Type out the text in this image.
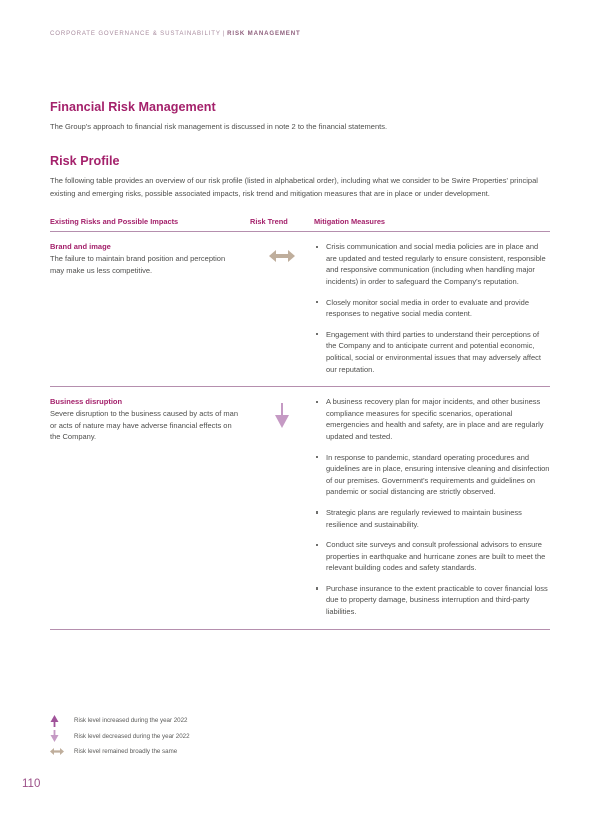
CORPORATE GOVERNANCE & SUSTAINABILITY | RISK MANAGEMENT
Financial Risk Management

The Group's approach to financial risk management is discussed in note 2 to the financial statements.

Risk Profile

The following table provides an overview of our risk profile (listed in alphabetical order), including what we consider to be Swire Properties' principal existing and emerging risks, possible associated impacts, risk trend and mitigation measures that are in place or under development.

Existing Risks and Possible Impacts	Risk Trend	Mitigation Measures

Brand and image

The failure to maintain brand position and perception may make us less competitive.

Crisis communication and social media policies are in place and are updated and tested regularly to ensure consistent, responsible and responsive communication (including when handling major incidents) in order to safeguard the Company's reputation.
Closely monitor social media in order to evaluate and provide responses to negative social media content.
Engagement with third parties to understand their perceptions of the Company and to anticipate current and potential economic, political, social or environmental issues that may adversely affect our reputation.

Business disruption

Severe disruption to the business caused by acts of man or acts of nature may have adverse financial effects on the Company.

A business recovery plan for major incidents, and other business compliance measures for specific scenarios, operational emergencies and health and safety, are in place and are regularly updated and tested.
In response to pandemic, standard operating procedures and guidelines are in place, ensuring intensive cleaning and disinfection of our premises. Government's requirements and guidelines on pandemic or social distancing are strictly observed.
Strategic plans are regularly reviewed to maintain business resilience and sustainability.
Conduct site surveys and consult professional advisors to ensure properties in earthquake and hurricane zones are built to meet the relevant building codes and safety standards.
Purchase insurance to the extent practicable to cover financial loss due to property damage, business interruption and third-party liabilities.
Risk level increased during the year 2022
Risk level decreased during the year 2022
Risk level remained broadly the same
110
